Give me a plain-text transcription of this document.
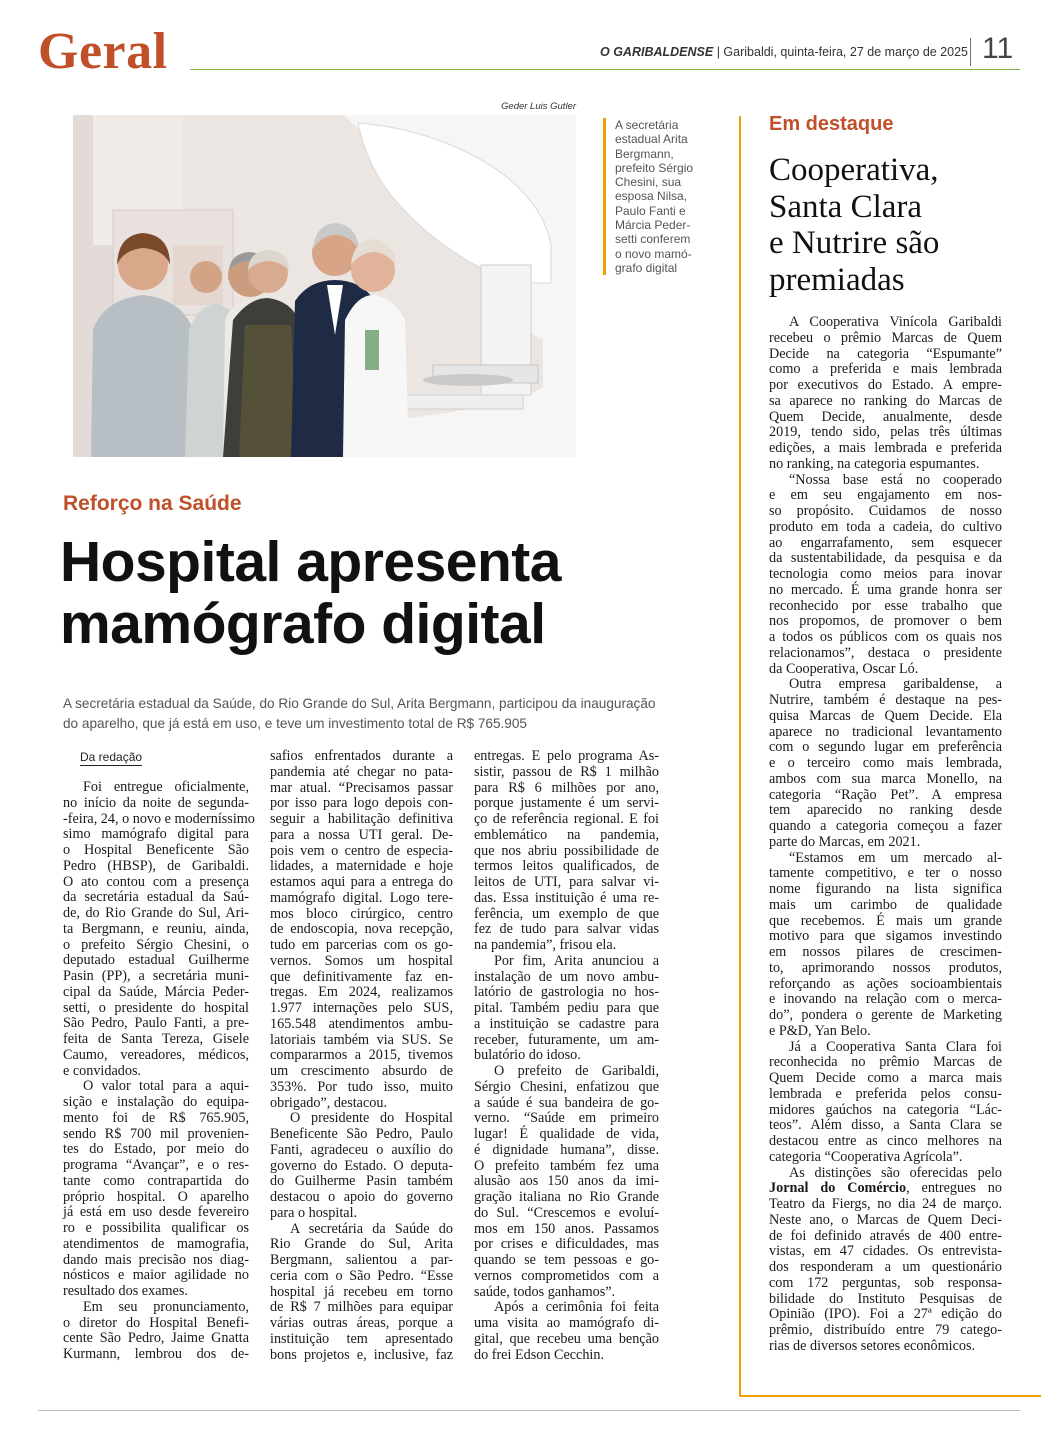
Geral	O GARIBALDENSE | Garibaldi, quinta-feira, 27 de março de 2025 11
Geder Luis Gutler
A secretária
estadual Arita
Bergmann,
prefeito Sérgio
Chesini, sua
esposa Nilsa,
Paulo Fanti e
Márcia Peder-
setti conferem
o novo mamó-
grafo digital
Reforço na Saúde
Hospital apresenta
mamógrafo digital
A secretária estadual da Saúde, do Rio Grande do Sul, Arita Bergmann, participou da inauguração
do aparelho, que já está em uso, e teve um investimento total de R$ 765.905
Da redação
Foi entregue oficialmente,
no início da noite de segunda-
-feira, 24, o novo e moderníssimo
simo mamógrafo digital para
o Hospital Beneficente São
Pedro (HBSP), de Garibaldi.
O ato contou com a presença
da secretária estadual da Saú-
de, do Rio Grande do Sul, Ari-
ta Bergmann, e reuniu, ainda,
o prefeito Sérgio Chesini, o
deputado estadual Guilherme
Pasin (PP), a secretária muni-
cipal da Saúde, Márcia Peder-
setti, o presidente do hospital
São Pedro, Paulo Fanti, a pre-
feita de Santa Tereza, Gisele
Caumo, vereadores, médicos,
e convidados.
O valor total para a aqui-
sição e instalação do equipa-
mento foi de R$ 765.905,
sendo R$ 700 mil provenien-
tes do Estado, por meio do
programa “Avançar”, e o res-
tante como contrapartida do
próprio hospital. O aparelho
já está em uso desde fevereiro
ro e possibilita qualificar os
atendimentos de mamografia,
dando mais precisão nos diag-
nósticos e maior agilidade no
resultado dos exames.
Em seu pronunciamento,
o diretor do Hospital Benefi-
cente São Pedro, Jaime Gnatta
Kurmann, lembrou dos de-
safios enfrentados durante a
pandemia até chegar no pata-
mar atual. “Precisamos passar
por isso para logo depois con-
seguir a habilitação definitiva
para a nossa UTI geral. De-
pois vem o centro de especia-
lidades, a maternidade e hoje
estamos aqui para a entrega do
mamógrafo digital. Logo tere-
mos bloco cirúrgico, centro
de endoscopia, nova recepção,
tudo em parcerias com os go-
vernos. Somos um hospital
que definitivamente faz en-
tregas. Em 2024, realizamos
1.977 internações pelo SUS,
165.548 atendimentos ambu-
latoriais também via SUS. Se
compararmos a 2015, tivemos
um crescimento absurdo de
353%. Por tudo isso, muito
obrigado”, destacou.
O presidente do Hospital
Beneficente São Pedro, Paulo
Fanti, agradeceu o auxílio do
governo do Estado. O deputa-
do Guilherme Pasin também
destacou o apoio do governo
para o hospital.
A secretária da Saúde do
Rio Grande do Sul, Arita
Bergmann, salientou a par-
ceria com o São Pedro. “Esse
hospital já recebeu em torno
de R$ 7 milhões para equipar
várias outras áreas, porque a
instituição tem apresentado
bons projetos e, inclusive, faz
entregas. E pelo programa As-
sistir, passou de R$ 1 milhão
para R$ 6 milhões por ano,
porque justamente é um servi-
ço de referência regional. E foi
emblemático na pandemia,
que nos abriu possibilidade de
termos leitos qualificados, de
leitos de UTI, para salvar vi-
das. Essa instituição é uma re-
ferência, um exemplo de que
fez de tudo para salvar vidas
na pandemia”, frisou ela.
Por fim, Arita anunciou a
instalação de um novo ambu-
latório de gastrologia no hos-
pital. Também pediu para que
a instituição se cadastre para
receber, futuramente, um am-
bulatório do idoso.
O prefeito de Garibaldi,
Sérgio Chesini, enfatizou que
a saúde é sua bandeira de go-
verno. “Saúde em primeiro
lugar! É qualidade de vida,
é dignidade humana”, disse.
O prefeito também fez uma
alusão aos 150 anos da imi-
gração italiana no Rio Grande
do Sul. “Crescemos e evoluí-
mos em 150 anos. Passamos
por crises e dificuldades, mas
quando se tem pessoas e go-
vernos comprometidos com a
saúde, todos ganhamos”.
Após a cerimônia foi feita
uma visita ao mamógrafo di-
gital, que recebeu uma benção
do frei Edson Cecchin.
Em destaque
Cooperativa,
Santa Clara
e Nutrire são
premiadas
A Cooperativa Vinícola Garibaldi
recebeu o prêmio Marcas de Quem
Decide na categoria “Espumante”
como a preferida e mais lembrada
por executivos do Estado. A empre-
sa aparece no ranking do Marcas de
Quem Decide, anualmente, desde
2019, tendo sido, pelas três últimas
edições, a mais lembrada e preferida
no ranking, na categoria espumantes.
“Nossa base está no cooperado
e em seu engajamento em nos-
so propósito. Cuidamos de nosso
produto em toda a cadeia, do cultivo
ao engarrafamento, sem esquecer
da sustentabilidade, da pesquisa e da
tecnologia como meios para inovar
no mercado. É uma grande honra ser
reconhecido por esse trabalho que
nos propomos, de promover o bem
a todos os públicos com os quais nos
relacionamos”, destaca o presidente
da Cooperativa, Oscar Ló.
Outra empresa garibaldense, a
Nutrire, também é destaque na pes-
quisa Marcas de Quem Decide. Ela
aparece no tradicional levantamento
com o segundo lugar em preferência
e o terceiro como mais lembrada,
ambos com sua marca Monello, na
categoria “Ração Pet”. A empresa
tem aparecido no ranking desde
quando a categoria começou a fazer
parte do Marcas, em 2021.
“Estamos em um mercado al-
tamente competitivo, e ter o nosso
nome figurando na lista significa
mais um carimbo de qualidade
que recebemos. É mais um grande
motivo para que sigamos investindo
em nossos pilares de crescimen-
to, aprimorando nossos produtos,
reforçando as ações socioambientais
e inovando na relação com o merca-
do”, pondera o gerente de Marketing
e P&D, Yan Belo.
Já a Cooperativa Santa Clara foi
reconhecida no prêmio Marcas de
Quem Decide como a marca mais
lembrada e preferida pelos consu-
midores gaúchos na categoria “Lác-
teos”. Além disso, a Santa Clara se
destacou entre as cinco melhores na
categoria “Cooperativa Agrícola”.
As distinções são oferecidas pelo
Jornal do Comércio, entregues no
Teatro da Fiergs, no dia 24 de março.
Neste ano, o Marcas de Quem Deci-
de foi definido através de 400 entre-
vistas, em 47 cidades. Os entrevista-
dos responderam a um questionário
com 172 perguntas, sob responsa-
bilidade do Instituto Pesquisas de
Opinião (IPO). Foi a 27ª edição do
prêmio, distribuído entre 79 catego-
rias de diversos setores econômicos.
